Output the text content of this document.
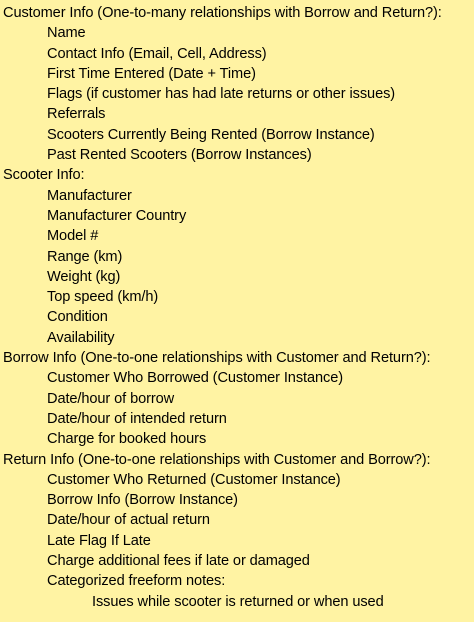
Customer Info (One-to-many relationships with Borrow and Return?):
Name
Contact Info (Email, Cell, Address)
First Time Entered (Date + Time)
Flags (if customer has had late returns or other issues)
Referrals
Scooters Currently Being Rented (Borrow Instance)
Past Rented Scooters (Borrow Instances)
Scooter Info:
Manufacturer
Manufacturer Country
Model #
Range (km)
Weight (kg)
Top speed (km/h)
Condition
Availability
Borrow Info (One-to-one relationships with Customer and Return?):
Customer Who Borrowed (Customer Instance)
Date/hour of borrow
Date/hour of intended return
Charge for booked hours
Return Info (One-to-one relationships with Customer and Borrow?):
Customer Who Returned (Customer Instance)
Borrow Info (Borrow Instance)
Date/hour of actual return
Late Flag If Late
Charge additional fees if late or damaged
Categorized freeform notes:
Issues while scooter is returned or when used
